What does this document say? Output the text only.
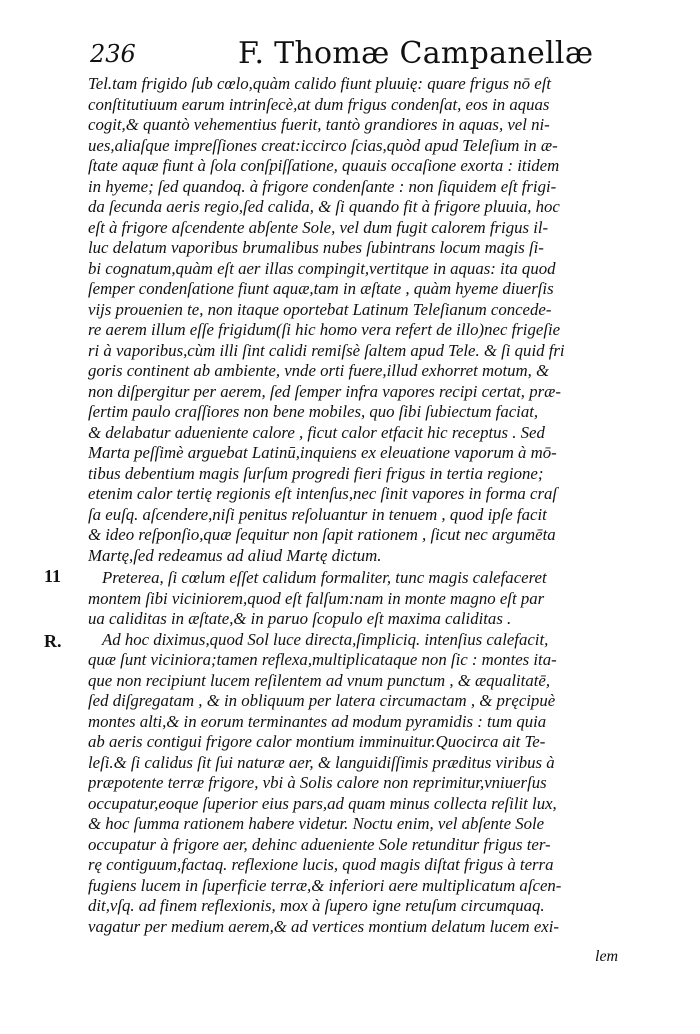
236	F. Thomæ Campanellæ
Tel.tam frigido ſub cœlo,quàm calido fiunt pluuię: quare frigus nō eſt
conſtitutiuum earum intrinſecè,at dum frigus condenſat, eos in aquas
cogit,& quantò vehementius fuerit, tantò grandiores in aquas, vel ni-
ues,aliaſque impreſſiones creat:iccirco ſcias,quòd apud Teleſium in æ-
ſtate aquæ fiunt à ſola conſpiſſatione, quauis occaſione exorta : itidem
in hyeme; ſed quandoq. à frigore condenſante : non ſiquidem eſt frigi-
da ſecunda aeris regio,ſed calida, & ſi quando fit à frigore pluuia, hoc
eſt à frigore aſcendente abſente Sole, vel dum fugit calorem frigus il-
luc delatum vaporibus brumalibus nubes ſubintrans locum magis ſi-
bi cognatum,quàm eſt aer illas compingit,vertitque in aquas: ita quod
ſemper condenſatione fiunt aquæ,tam in æſtate , quàm hyeme diuerſis
vijs prouenien te, non itaque oportebat Latinum Teleſianum concede-
re aerem illum eſſe frigidum(ſi hic homo vera refert de illo)nec frigeſie
ri à vaporibus,cùm illi ſint calidi remiſsè ſaltem apud Tele. & ſi quid fri
goris continent ab ambiente, vnde orti fuere,illud exhorret motum, &
non diſpergitur per aerem, ſed ſemper infra vapores recipi certat, præ-
ſertim paulo craſſiores non bene mobiles, quo ſibi ſubiectum faciat,
& delabatur adueniente calore , ficut calor etfacit hic receptus . Sed
Marta peſſimè arguebat Latinū,inquiens ex eleuatione vaporum à mō-
tibus debentium magis ſurſum progredi fieri frigus in tertia regione;
etenim calor tertię regionis eſt intenſus,nec ſinit vapores in forma craſ
ſa euſq. aſcendere,niſi penitus reſoluantur in tenuem , quod ipſe facit
& ideo reſponſio,quæ ſequitur non ſapit rationem , ſicut nec argumēta
Martę,ſed redeamus ad aliud Martę dictum.
Preterea, ſi cœlum eſſet calidum formaliter, tunc magis calefaceret
montem ſibi viciniorem,quod eſt falſum:nam in monte magno eſt par
ua caliditas in æſtate,& in paruo ſcopulo eſt maxima caliditas .
Ad hoc diximus,quod Sol luce directa,ſimpliciq. intenſius calefacit,
quæ ſunt viciniora;tamen reflexa,multiplicataque non ſic : montes ita-
que non recipiunt lucem reſilentem ad vnum punctum , & æqualitatē,
ſed diſgregatam , & in obliquum per latera circumactam , & pręcipuè
montes alti,& in eorum terminantes ad modum pyramidis : tum quia
ab aeris contigui frigore calor montium imminuitur.Quocirca ait Te-
leſi.& ſi calidus ſit ſui naturæ aer, & languidiſſimis præditus viribus à
præpotente terræ frigore, vbi à Solis calore non reprimitur,vniuerſus
occupatur,eoque ſuperior eius pars,ad quam minus collecta reſilit lux,
& hoc ſumma rationem habere videtur. Noctu enim, vel abſente Sole
occupatur à frigore aer, dehinc adueniente Sole retunditur frigus ter-
rę contiguum,factaq. reflexione lucis, quod magis diſtat frigus à terra
fugiens lucem in ſuperficie terræ,& inferiori aere multiplicatum aſcen-
dit,vſq. ad finem reflexionis, mox à ſupero igne retuſum circumquaq.
vagatur per medium aerem,& ad vertices montium delatum lucem exi-
11
R.
lem
